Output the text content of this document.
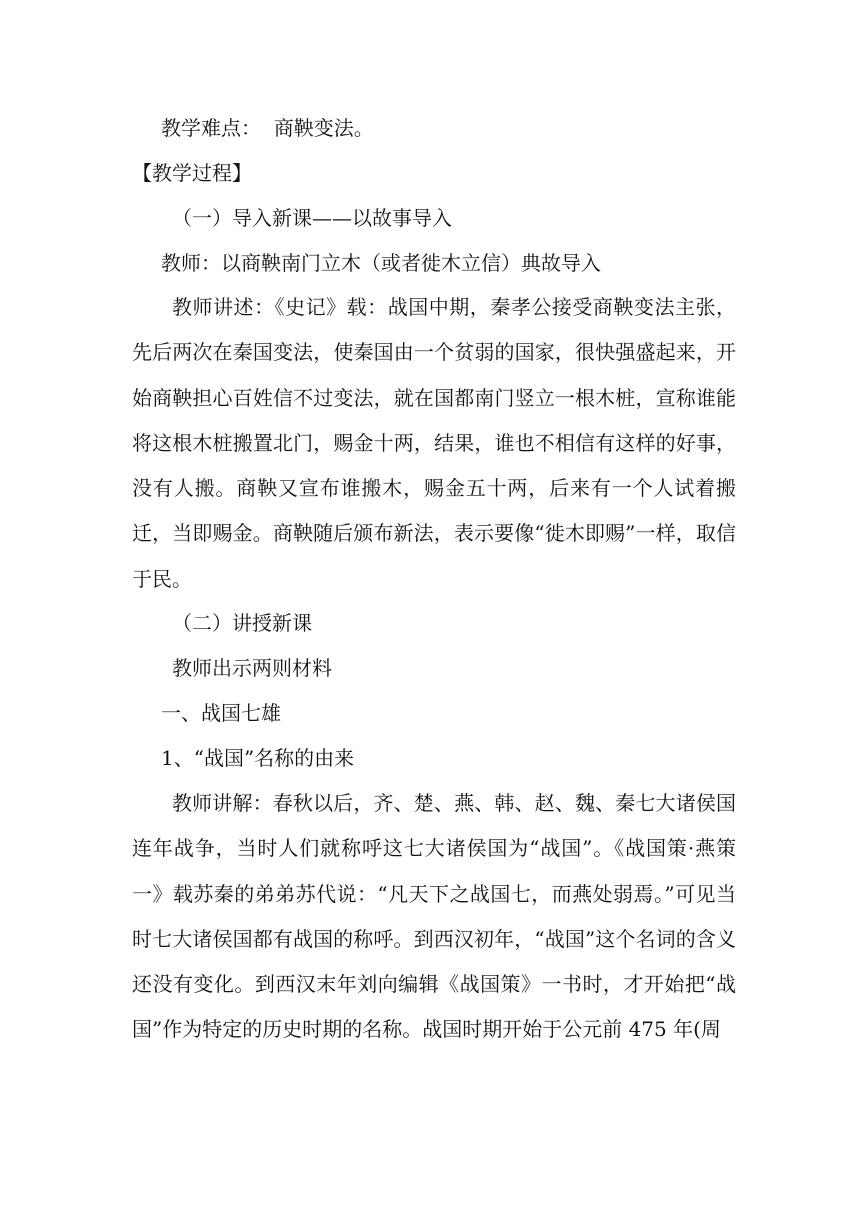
教学难点：  商鞅变法。
【教学过程】
（一）导入新课——以故事导入
教师：以商鞅南门立木（或者徙木立信）典故导入
教师讲述：《史记》载：战国中期，秦孝公接受商鞅变法主张，先后两次在秦国变法，使秦国由一个贫弱的国家，很快强盛起来，开始商鞅担心百姓信不过变法，就在国都南门竖立一根木桩，宣称谁能将这根木桩搬置北门，赐金十两，结果，谁也不相信有这样的好事，没有人搬。商鞅又宣布谁搬木，赐金五十两，后来有一个人试着搬迁，当即赐金。商鞅随后颁布新法，表示要像“徙木即赐”一样，取信于民。
（二）讲授新课
教师出示两则材料
一、战国七雄
1、“战国”名称的由来
教师讲解：春秋以后，齐、楚、燕、韩、赵、魏、秦七大诸侯国连年战争，当时人们就称呼这七大诸侯国为“战国”。《战国策·燕策一》载苏秦的弟弟苏代说：“凡天下之战国七，而燕处弱焉。”可见当时七大诸侯国都有战国的称呼。到西汉初年，“战国”这个名词的含义还没有变化。到西汉末年刘向编辑《战国策》一书时，才开始把“战国”作为特定的历史时期的名称。战国时期开始于公元前 475 年(周
